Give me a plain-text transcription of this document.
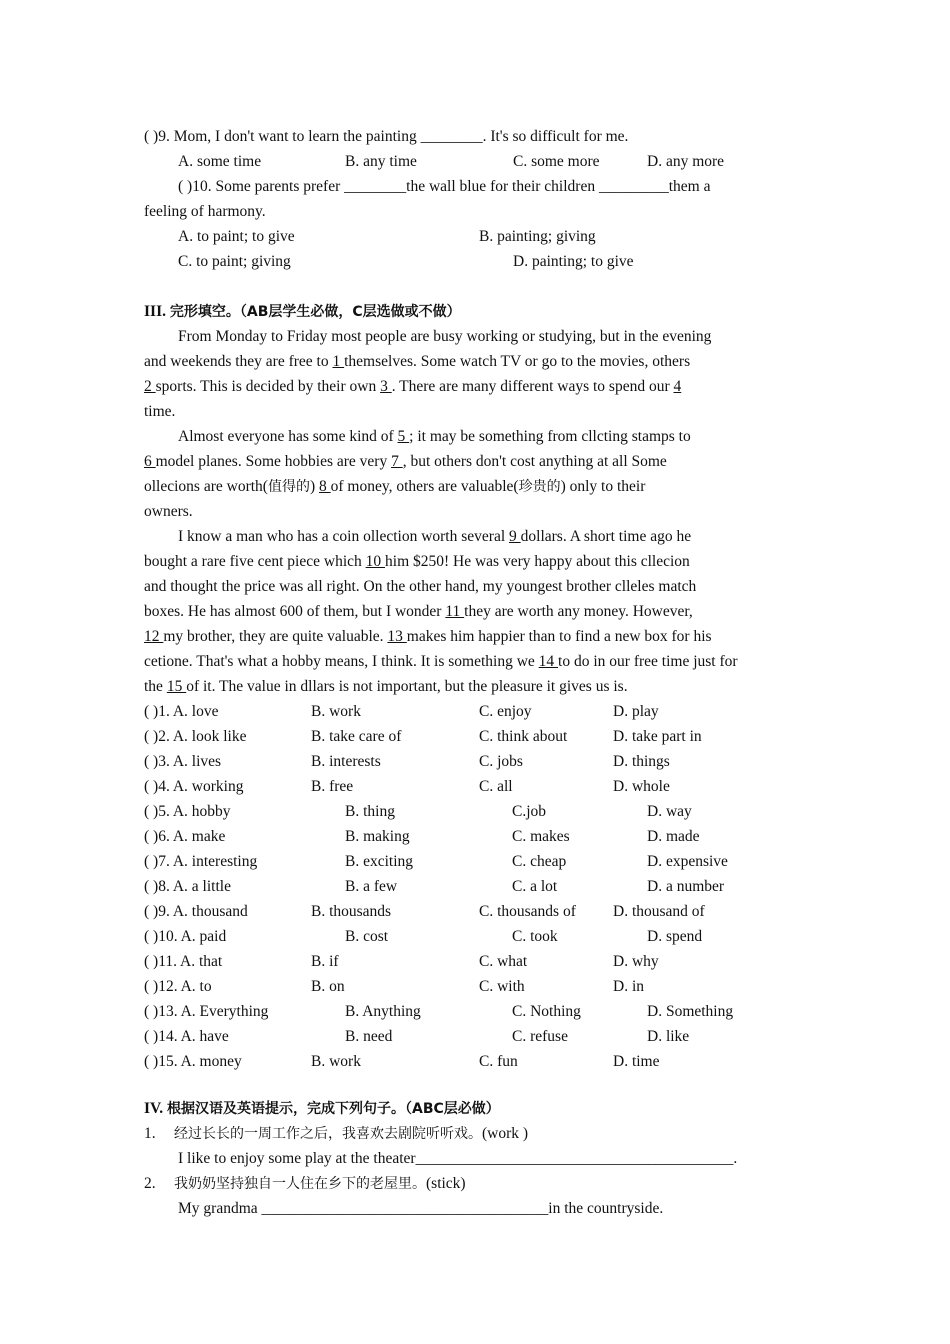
( )9. Mom, I don't want to learn the painting ________. It's so difficult for me.
A. some time	B. any time	C. some more	D. any more
( )10. Some parents prefer ________the wall blue for their children _________them a
feeling of harmony.
A. to paint; to give	B. painting; giving
C. to paint; giving	D. painting; to give
III. 完形填空。（AB层学生必做，C层选做或不做）
From Monday to Friday most people are busy working or studying, but in the evening
and weekends they are free to 1 themselves. Some watch TV or go to the movies, others
2 sports. This is decided by their own 3 . There are many different ways to spend our 4
time.
Almost everyone has some kind of 5 ; it may be something from cllcting stamps to
6 model planes. Some hobbies are very 7 , but others don't cost anything at all Some
ollecions are worth(值得的) 8 of money, others are valuable(珍贵的) only to their
owners.
I know a man who has a coin ollection worth several 9 dollars. A short time ago he
bought a rare five cent piece which 10 him $250! He was very happy about this cllecion
and thought the price was all right. On the other hand, my youngest brother clleles match
boxes. He has almost 600 of them, but I wonder 11 they are worth any money. However,
12 my brother, they are quite valuable. 13 makes him happier than to find a new box for his
cetione. That's what a hobby means, I think. It is something we 14 to do in our free time just for
the 15 of it. The value in dllars is not important, but the pleasure it gives us is.
( )1. A. love	B. work	C. enjoy	D. play
( )2. A. look like	B. take care of	C. think about	D. take part in
( )3. A. lives	B. interests	C. jobs	D. things
( )4. A. working	B. free	C. all	D. whole
( )5. A. hobby	B. thing	C.job	D. way
( )6. A. make	B. making	C. makes	D. made
( )7. A. interesting	B. exciting	C. cheap	D. expensive
( )8. A. a little	B. a few	C. a lot	D. a number
( )9. A. thousand	B. thousands	C. thousands of D. thousand of
( )10. A. paid	B. cost	C. took	D. spend
( )11. A. that	B. if	C. what	D. why
( )12. A. to	B. on	C. with	D. in
( )13. A. Everything	B. Anything	C. Nothing	D. Something
( )14. A. have	B. need	C. refuse	D. like
( )15. A. money	B. work	C. fun	D. time
IV. 根据汉语及英语提示，完成下列句子。（ABC层必做）
1. 经过长长的一周工作之后，我喜欢去剧院听听戏。(work )
I like to enjoy some play at the theater_________________________________________.
2. 我奶奶坚持独自一人住在乡下的老屋里。(stick)
My grandma _____________________________________in the countryside.
